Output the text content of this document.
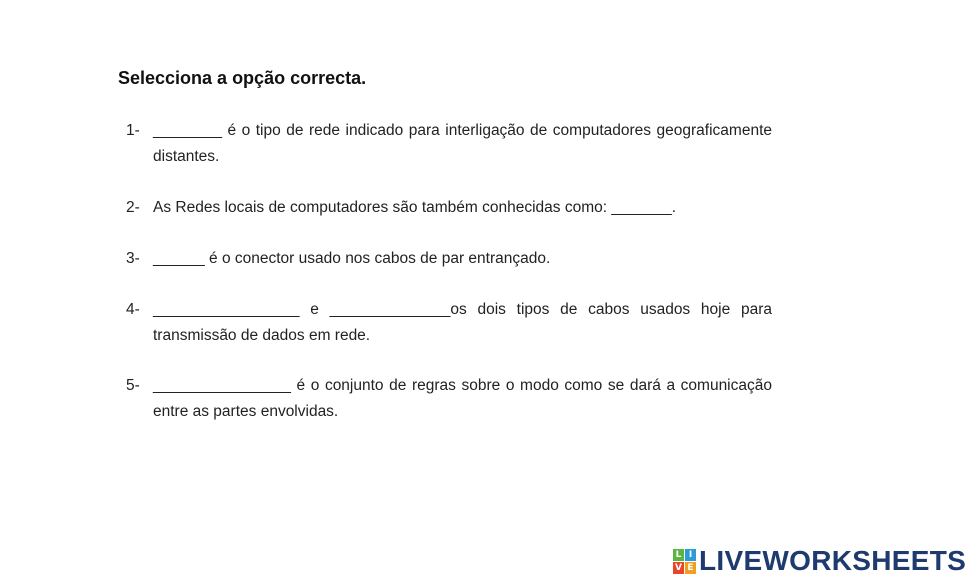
Selecciona a opção correcta.
1- ________ é o tipo de rede indicado para interligação de computadores geograficamente distantes.
2- As Redes locais de computadores são também conhecidas como: _______.
3- ______ é o conector usado nos cabos de par entrançado.
4- _________________ e ______________os dois tipos de cabos usados hoje para transmissão de dados em rede.
5- ________________ é o conjunto de regras sobre o modo como se dará a comunicação entre as partes envolvidas.
L I
V E LIVEWORKSHEETS
